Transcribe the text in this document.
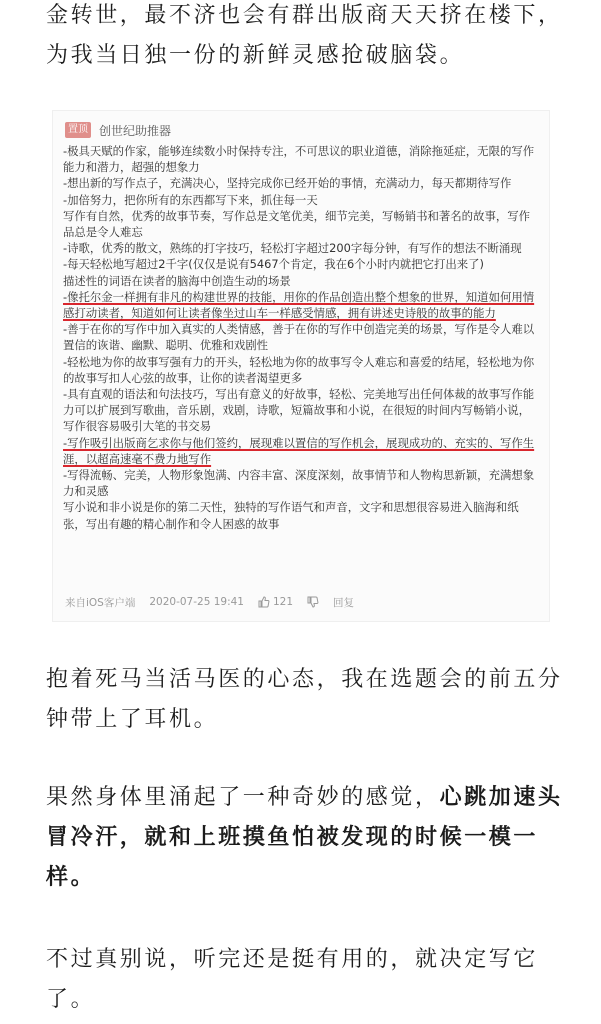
金转世，最不济也会有群出版商天天挤在楼下，为我当日独一份的新鲜灵感抢破脑袋。

置顶 创世纪助推器
-极具天赋的作家，能够连续数小时保持专注，不可思议的职业道德，消除拖延症，无限的写作能力和潜力，超强的想象力
-想出新的写作点子，充满决心，坚持完成你已经开始的事情，充满动力，每天都期待写作
-加倍努力，把你所有的东西都写下来，抓住每一天
写作有自然，优秀的故事节奏，写作总是文笔优美，细节完美，写畅销书和著名的故事，写作品总是令人难忘
-诗歌，优秀的散文，熟练的打字技巧，轻松打字超过200字每分钟，有写作的想法不断涌现
-每天轻松地写超过2千字(仅仅是说有5467个肯定，我在6个小时内就把它打出来了)
描述性的词语在读者的脑海中创造生动的场景
-像托尔金一样拥有非凡的构建世界的技能，用你的作品创造出整个想象的世界，知道如何用情感打动读者，知道如何让读者像坐过山车一样感受情感，拥有讲述史诗般的故事的能力
-善于在你的写作中加入真实的人类情感，善于在你的写作中创造完美的场景，写作是令人难以置信的诙谐、幽默、聪明、优雅和戏剧性
-轻松地为你的故事写强有力的开头，轻松地为你的故事写令人难忘和喜爱的结尾，轻松地为你的故事写扣人心弦的故事，让你的读者渴望更多
-具有直观的语法和句法技巧，写出有意义的好故事，轻松、完美地写出任何体裁的故事写作能力可以扩展到写歌曲，音乐剧，戏剧，诗歌，短篇故事和小说，在很短的时间内写畅销小说，写作很容易吸引大笔的书交易
-写作吸引出版商乞求你与他们签约，展现难以置信的写作机会，展现成功的、充实的、写作生涯，以超高速毫不费力地写作
-写得流畅、完美，人物形象饱满、内容丰富、深度深刻，故事情节和人物构思新颖，充满想象力和灵感
写小说和非小说是你的第二天性，独特的写作语气和声音，文字和思想很容易进入脑海和纸张，写出有趣的精心制作和令人困惑的故事
来自iOS客户端 2020-07-25 19:41	121	回复

抱着死马当活马医的心态，我在选题会的前五分钟带上了耳机。

果然身体里涌起了一种奇妙的感觉，心跳加速头冒冷汗，就和上班摸鱼怕被发现的时候一模一样。

不过真别说，听完还是挺有用的，就决定写它了。
